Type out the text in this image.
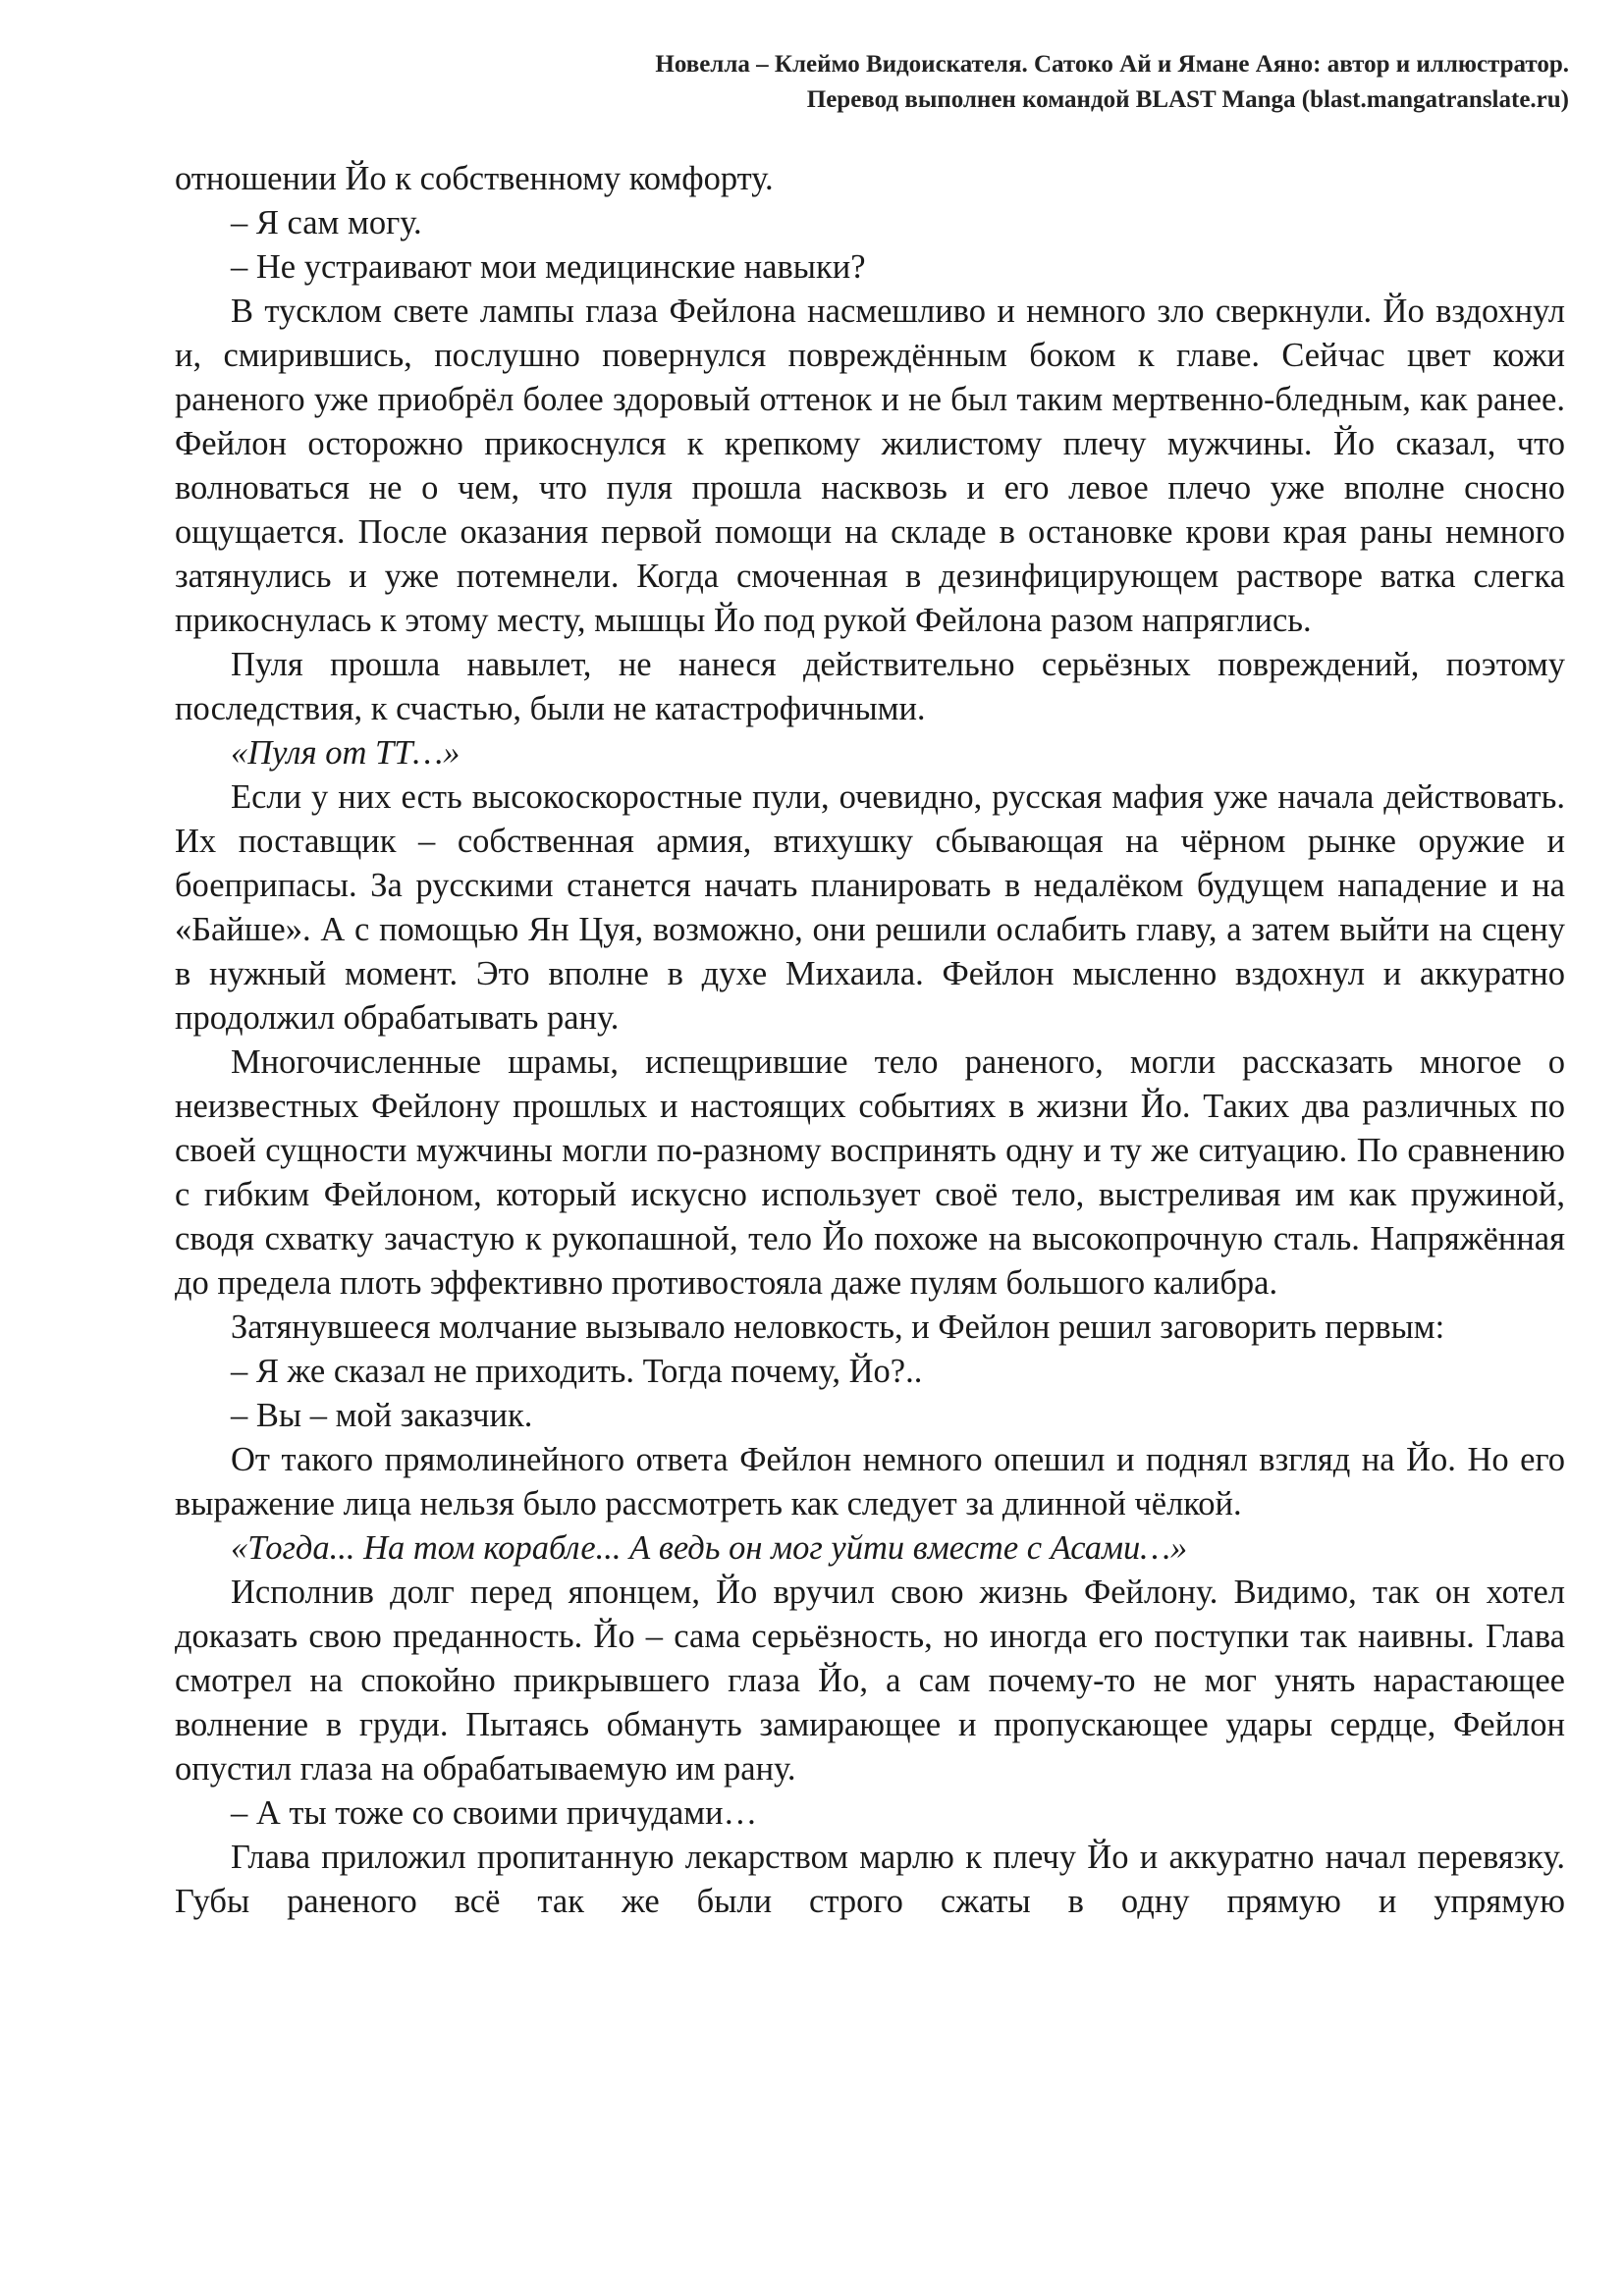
Новелла – Клеймо Видоискателя. Сатоко Ай и Ямане Аяно: автор и иллюстратор.
Перевод выполнен командой BLAST Manga (blast.mangatranslate.ru)

отношении Йо к собственному комфорту.

– Я сам могу.

– Не устраивают мои медицинские навыки?

В тусклом свете лампы глаза Фейлона насмешливо и немного зло сверкнули. Йо вздохнул и, смирившись, послушно повернулся повреждённым боком к главе. Сейчас цвет кожи раненого уже приобрёл более здоровый оттенок и не был таким мертвенно-бледным, как ранее. Фейлон осторожно прикоснулся к крепкому жилистому плечу мужчины. Йо сказал, что волноваться не о чем, что пуля прошла насквозь и его левое плечо уже вполне сносно ощущается. После оказания первой помощи на складе в остановке крови края раны немного затянулись и уже потемнели. Когда смоченная в дезинфицирующем растворе ватка слегка прикоснулась к этому месту, мышцы Йо под рукой Фейлона разом напряглись.

Пуля прошла навылет, не нанеся действительно серьёзных повреждений, поэтому последствия, к счастью, были не катастрофичными.

«Пуля от ТТ…»

Если у них есть высокоскоростные пули, очевидно, русская мафия уже начала действовать. Их поставщик – собственная армия, втихушку сбывающая на чёрном рынке оружие и боеприпасы. За русскими станется начать планировать в недалёком будущем нападение и на «Байше». А с помощью Ян Цуя, возможно, они решили ослабить главу, а затем выйти на сцену в нужный момент. Это вполне в духе Михаила. Фейлон мысленно вздохнул и аккуратно продолжил обрабатывать рану.

Многочисленные шрамы, испещрившие тело раненого, могли рассказать многое о неизвестных Фейлону прошлых и настоящих событиях в жизни Йо. Таких два различных по своей сущности мужчины могли по-разному воспринять одну и ту же ситуацию. По сравнению с гибким Фейлоном, который искусно использует своё тело, выстреливая им как пружиной, сводя схватку зачастую к рукопашной, тело Йо похоже на высокопрочную сталь. Напряжённая до предела плоть эффективно противостояла даже пулям большого калибра.

Затянувшееся молчание вызывало неловкость, и Фейлон решил заговорить первым:

– Я же сказал не приходить. Тогда почему, Йо?..

– Вы – мой заказчик.

От такого прямолинейного ответа Фейлон немного опешил и поднял взгляд на Йо. Но его выражение лица нельзя было рассмотреть как следует за длинной чёлкой.

«Тогда... На том корабле... А ведь он мог уйти вместе с Асами…»

Исполнив долг перед японцем, Йо вручил свою жизнь Фейлону. Видимо, так он хотел доказать свою преданность. Йо – сама серьёзность, но иногда его поступки так наивны. Глава смотрел на спокойно прикрывшего глаза Йо, а сам почему-то не мог унять нарастающее волнение в груди. Пытаясь обмануть замирающее и пропускающее удары сердце, Фейлон опустил глаза на обрабатываемую им рану.

– А ты тоже со своими причудами…

Глава приложил пропитанную лекарством марлю к плечу Йо и аккуратно начал перевязку. Губы раненого всё так же были строго сжаты в одну прямую и упрямую
